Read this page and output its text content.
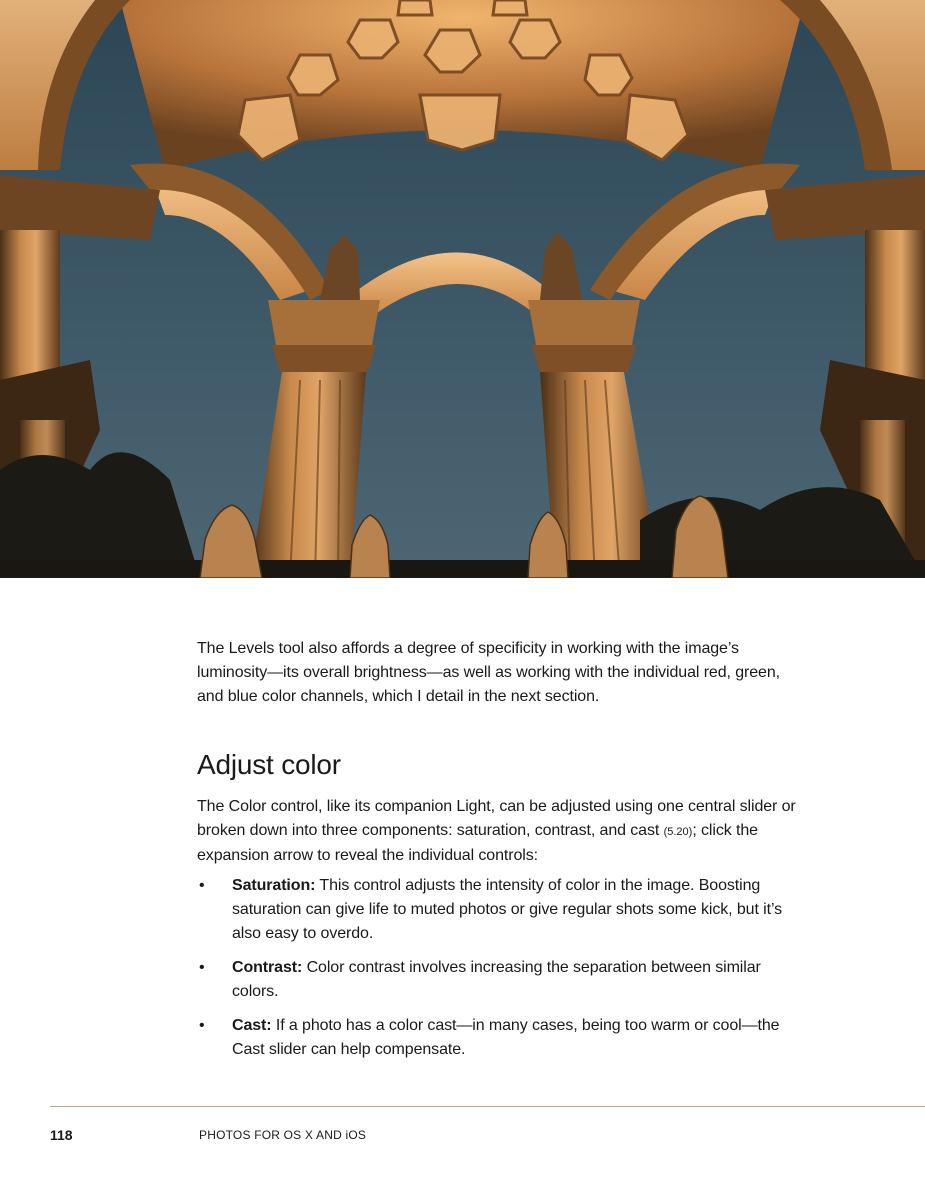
The Levels tool also affords a degree of specificity in working with the image’s luminosity—its overall brightness—as well as working with the individual red, green, and blue color channels, which I detail in the next section.

Adjust color

The Color control, like its companion Light, can be adjusted using one central slider or broken down into three components: saturation, contrast, and cast (5.20); click the expansion arrow to reveal the individual controls:

• Saturation: This control adjusts the intensity of color in the image. Boosting saturation can give life to muted photos or give regular shots some kick, but it’s also easy to overdo.
• Contrast: Color contrast involves increasing the separation between similar colors.
• Cast: If a photo has a color cast—in many cases, being too warm or cool—the Cast slider can help compensate.
118	PHOTOS FOR OS X AND iOS
